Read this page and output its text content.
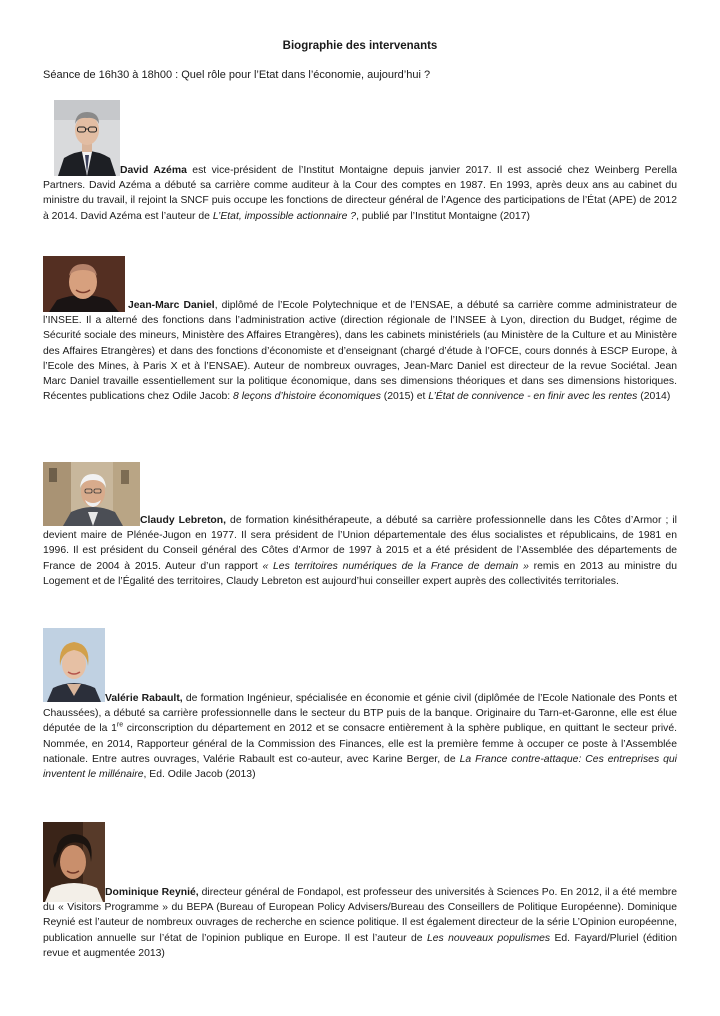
Biographie des intervenants
Séance de 16h30 à 18h00 : Quel rôle pour l’Etat dans l’économie, aujourd’hui ?

David Azéma est vice-président de l’Institut Montaigne depuis janvier 2017. Il est associé chez Weinberg Perella Partners. David Azéma a débuté sa carrière comme auditeur à la Cour des comptes en 1987. En 1993, après deux ans au cabinet du ministre du travail, il rejoint la SNCF puis occupe les fonctions de directeur général de l’Agence des participations de l’État (APE) de 2012 à 2014. David Azéma est l’auteur de L’Etat, impossible actionnaire ?, publié par l’Institut Montaigne (2017)

Jean-Marc Daniel, diplômé de l’Ecole Polytechnique et de l’ENSAE, a débuté sa carrière comme administrateur de l’INSEE. Il a alterné des fonctions dans l’administration active (direction régionale de l’INSEE à Lyon, direction du Budget, régime de Sécurité sociale des mineurs, Ministère des Affaires Etrangères), dans les cabinets ministériels (au Ministère de la Culture et au Ministère des Affaires Etrangères) et dans des fonctions d’économiste et d’enseignant (chargé d’étude à l’OFCE, cours donnés à ESCP Europe, à l’Ecole des Mines, à Paris X et à l’ENSAE). Auteur de nombreux ouvrages, Jean-Marc Daniel est directeur de la revue Sociétal. Jean Marc Daniel travaille essentiellement sur la politique économique, dans ses dimensions théoriques et dans ses dimensions historiques. Récentes publications chez Odile Jacob: 8 leçons d’histoire économiques (2015) et L’État de connivence - en finir avec les rentes (2014)

Claudy Lebreton, de formation kinésithérapeute, a débuté sa carrière professionnelle dans les Côtes d’Armor ; il devient maire de Plénée-Jugon en 1977. Il sera président de l’Union départementale des élus socialistes et républicains, de 1981 en 1996. Il est président du Conseil général des Côtes d’Armor de 1997 à 2015 et a été président de l’Assemblée des départements de France de 2004 à 2015. Auteur d’un rapport « Les territoires numériques de la France de demain » remis en 2013 au ministre du Logement et de l’Égalité des territoires, Claudy Lebreton est aujourd’hui conseiller expert auprès des collectivités territoriales.

Valérie Rabault, de formation Ingénieur, spécialisée en économie et génie civil (diplômée de l’Ecole Nationale des Ponts et Chaussées), a débuté sa carrière professionnelle dans le secteur du BTP puis de la banque. Originaire du Tarn-et-Garonne, elle est élue députée de la 1re circonscription du département en 2012 et se consacre entièrement à la sphère publique, en quittant le secteur privé. Nommée, en 2014, Rapporteur général de la Commission des Finances, elle est la première femme à occuper ce poste à l’Assemblée nationale. Entre autres ouvrages, Valérie Rabault est co-auteur, avec Karine Berger, de La France contre-attaque: Ces entreprises qui inventent le millénaire, Ed. Odile Jacob (2013)

Dominique Reynié, directeur général de Fondapol, est professeur des universités à Sciences Po. En 2012, il a été membre du « Visitors Programme » du BEPA (Bureau of European Policy Advisers/Bureau des Conseillers de Politique Européenne). Dominique Reynié est l’auteur de nombreux ouvrages de recherche en science politique. Il est également directeur de la série L’Opinion européenne, publication annuelle sur l’état de l’opinion publique en Europe. Il est l’auteur de Les nouveaux populismes Ed. Fayard/Pluriel (édition revue et augmentée 2013)
